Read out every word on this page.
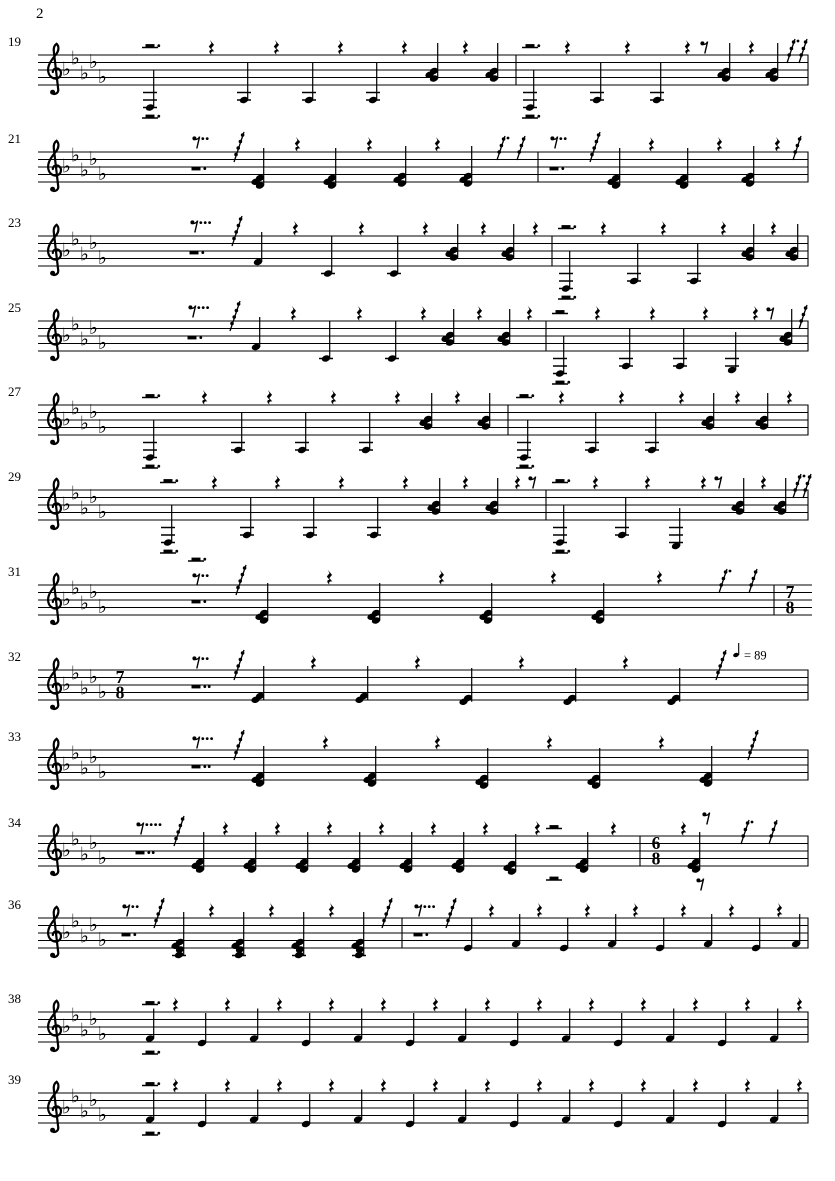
2
19
♭
♭
♭
♭
♭
21
♭
♭
♭
♭
♭
23
♭
♭
♭
♭
♭
25
♭
♭
♭
♭
♭
27
♭
♭
♭
♭
♭
29
♭
♭
♭
♭
♭
31
♭
♭
♭
♭
♭
7
8
32
♭
♭
♭
♭
♭
7
8
= 89
33
♭
♭
♭
♭
♭
34
♭
♭
♭
♭
♭
6
8
36
♭
♭
♭
♭
♭
38
♭
♭
♭
♭
♭
39
♭
♭
♭
♭
♭
